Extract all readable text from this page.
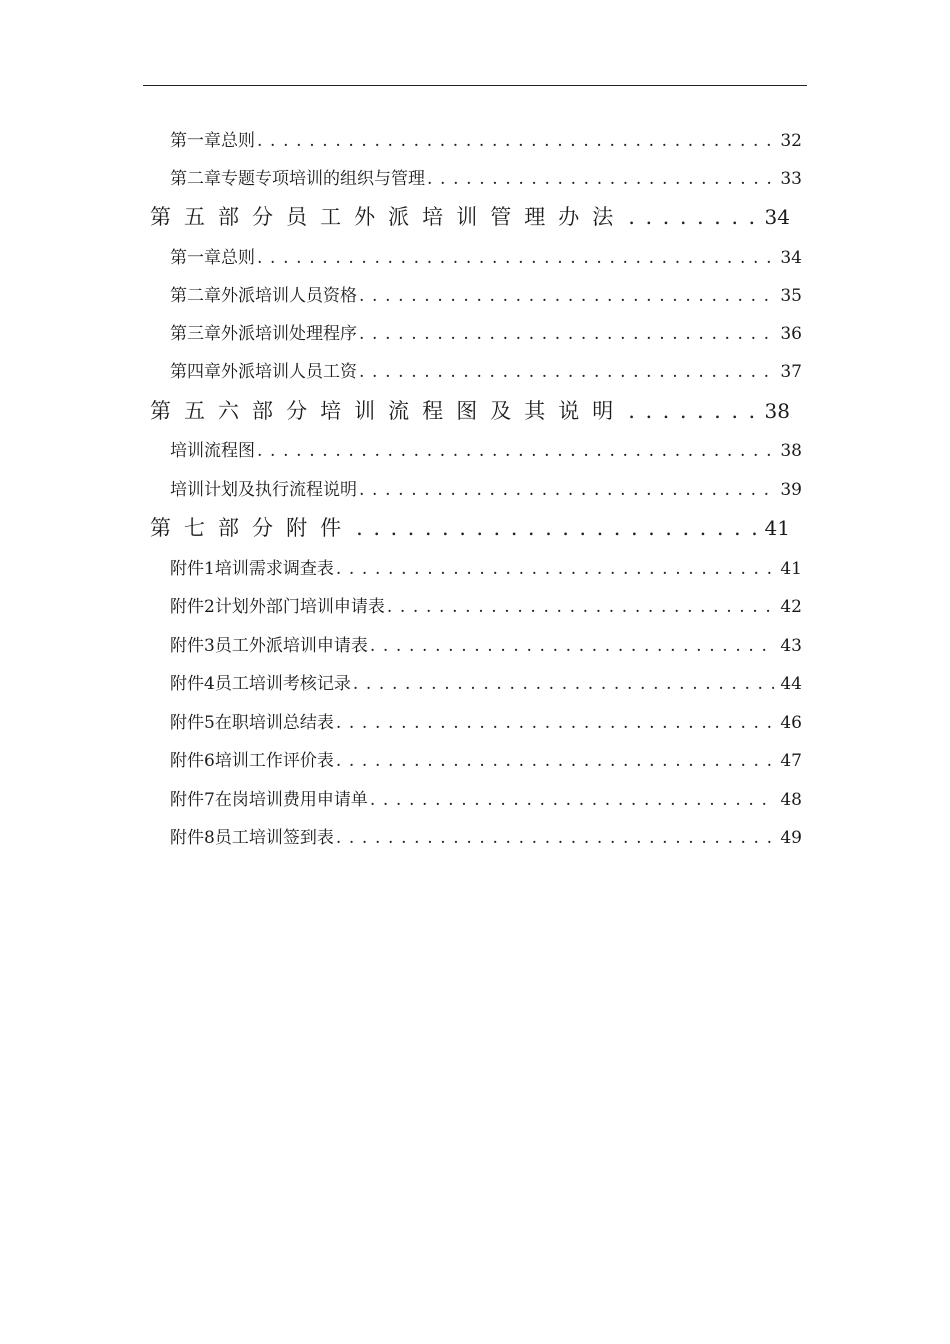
第一章 总则 .....	32
第二章 专题专项培训的组织与管理 .....	33
第五部分 员工外派培训管理办法 .....	34
第一章 总则 .....	34
第二章 外派培训人员资格 .....	35
第三章 外派培训处理程序 .....	36
第四章 外派培训人员工资 .....	37
第五六部分 培训流程图及其说明 .....	38
培训流程图 .....	38
培训计划及执行流程说明 .....	39
第七部分 附件 .....	41
附件1 培训需求调查表 .....	41
附件2 计划外部门培训申请表 .....	42
附件3 员工外派培训申请表 .....	43
附件4 员工培训考核记录 .....	44
附件5 在职培训总结表 .....	46
附件6 培训工作评价表 .....	47
附件7 在岗培训费用申请单 .....	48
附件8 员工培训签到表 .....	49
